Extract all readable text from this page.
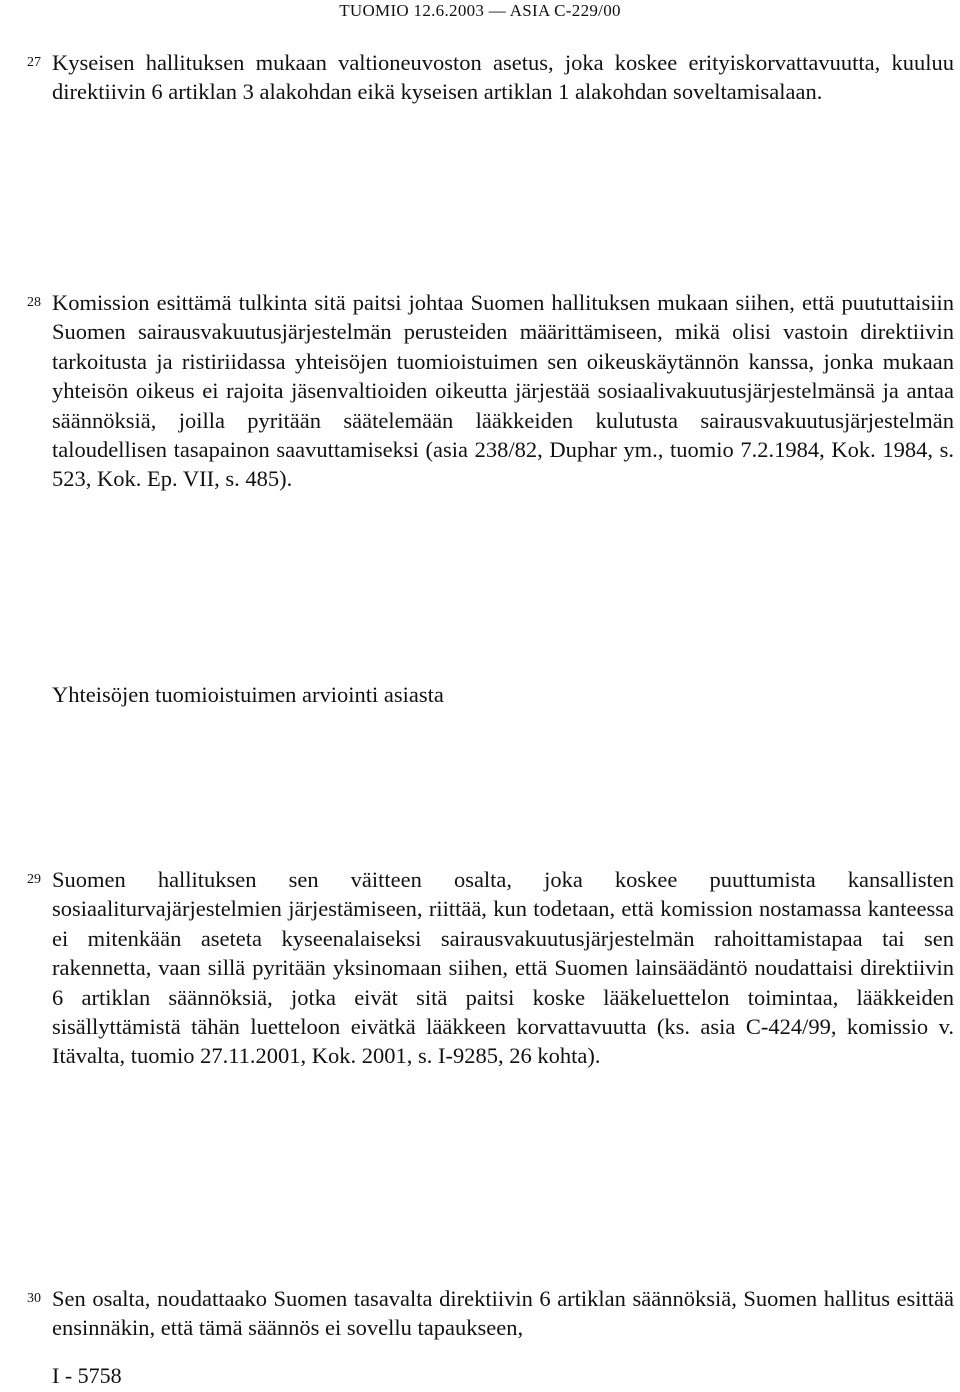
TUOMIO 12.6.2003 — ASIA C-229/00
27 Kyseisen hallituksen mukaan valtioneuvoston asetus, joka koskee erityiskorvattavuutta, kuuluu direktiivin 6 artiklan 3 alakohdan eikä kyseisen artiklan 1 alakohdan soveltamisalaan.
28 Komission esittämä tulkinta sitä paitsi johtaa Suomen hallituksen mukaan siihen, että puututtaisiin Suomen sairausvakuutusjärjestelmän perusteiden määrittämiseen, mikä olisi vastoin direktiivin tarkoitusta ja ristiriidassa yhteisöjen tuomioistuimen sen oikeuskäytännön kanssa, jonka mukaan yhteisön oikeus ei rajoita jäsenvaltioiden oikeutta järjestää sosiaalivakuutusjärjestelmänsä ja antaa säännöksiä, joilla pyritään säätelemään lääkkeiden kulutusta sairausvakuutusjärjestelmän taloudellisen tasapainon saavuttamiseksi (asia 238/82, Duphar ym., tuomio 7.2.1984, Kok. 1984, s. 523, Kok. Ep. VII, s. 485).
Yhteisöjen tuomioistuimen arviointi asiasta
29 Suomen hallituksen sen väitteen osalta, joka koskee puuttumista kansallisten sosiaaliturvajärjestelmien järjestämiseen, riittää, kun todetaan, että komission nostamassa kanteessa ei mitenkään aseteta kyseenalaiseksi sairausvakuutusjärjestelmän rahoittamistapaa tai sen rakennetta, vaan sillä pyritään yksinomaan siihen, että Suomen lainsäädäntö noudattaisi direktiivin 6 artiklan säännöksiä, jotka eivät sitä paitsi koske lääkeluettelon toimintaa, lääkkeiden sisällyttämistä tähän luetteloon eivätkä lääkkeen korvattavuutta (ks. asia C-424/99, komissio v. Itävalta, tuomio 27.11.2001, Kok. 2001, s. I-9285, 26 kohta).
30 Sen osalta, noudattaako Suomen tasavalta direktiivin 6 artiklan säännöksiä, Suomen hallitus esittää ensinnäkin, että tämä säännös ei sovellu tapaukseen,
I - 5758
